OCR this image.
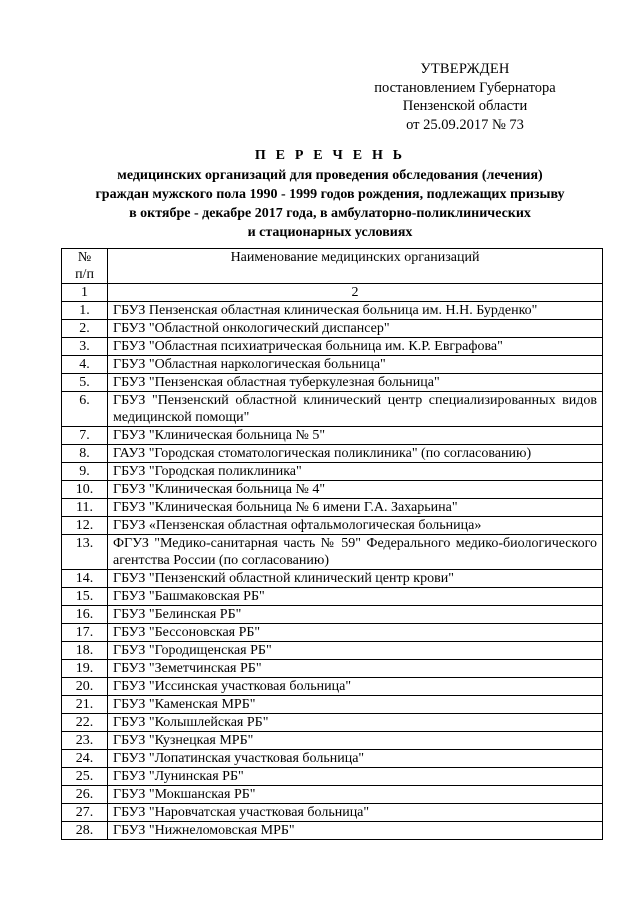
УТВЕРЖДЕН
постановлением Губернатора
Пензенской области
от 25.09.2017 № 73
П Е Р Е Ч Е Н Ь
медицинских организаций для проведения обследования (лечения)
граждан мужского пола 1990 - 1999 годов рождения, подлежащих призыву
в октябре - декабре 2017 года, в амбулаторно-поликлинических
и стационарных условиях
№
п/п	Наименование медицинских организаций
1	2
1.	ГБУЗ Пензенская областная клиническая больница им. Н.Н. Бурденко"
2.	ГБУЗ "Областной онкологический диспансер"
3.	ГБУЗ "Областная психиатрическая больница им. К.Р. Евграфова"
4.	ГБУЗ "Областная наркологическая больница"
5.	ГБУЗ "Пензенская областная туберкулезная больница"
6.	ГБУЗ "Пензенский областной клинический центр специализированных видов медицинской помощи"
7.	ГБУЗ "Клиническая больница № 5"
8.	ГАУЗ "Городская стоматологическая поликлиника" (по согласованию)
9.	ГБУЗ "Городская поликлиника"
10.	ГБУЗ "Клиническая больница № 4"
11.	ГБУЗ "Клиническая больница № 6 имени Г.А. Захарьина"
12.	ГБУЗ «Пензенская областная офтальмологическая больница»
13.	ФГУЗ "Медико-санитарная часть № 59" Федерального медико-биологического агентства России (по согласованию)
14.	ГБУЗ "Пензенский областной клинический центр крови"
15.	ГБУЗ "Башмаковская РБ"
16.	ГБУЗ "Белинская РБ"
17.	ГБУЗ "Бессоновская РБ"
18.	ГБУЗ "Городищенская РБ"
19.	ГБУЗ "Земетчинская РБ"
20.	ГБУЗ "Иссинская участковая больница"
21.	ГБУЗ "Каменская МРБ"
22.	ГБУЗ "Колышлейская РБ"
23.	ГБУЗ "Кузнецкая МРБ"
24.	ГБУЗ "Лопатинская участковая больница"
25.	ГБУЗ "Лунинская РБ"
26.	ГБУЗ "Мокшанская РБ"
27.	ГБУЗ "Наровчатская участковая больница"
28.	ГБУЗ "Нижнеломовская МРБ"
